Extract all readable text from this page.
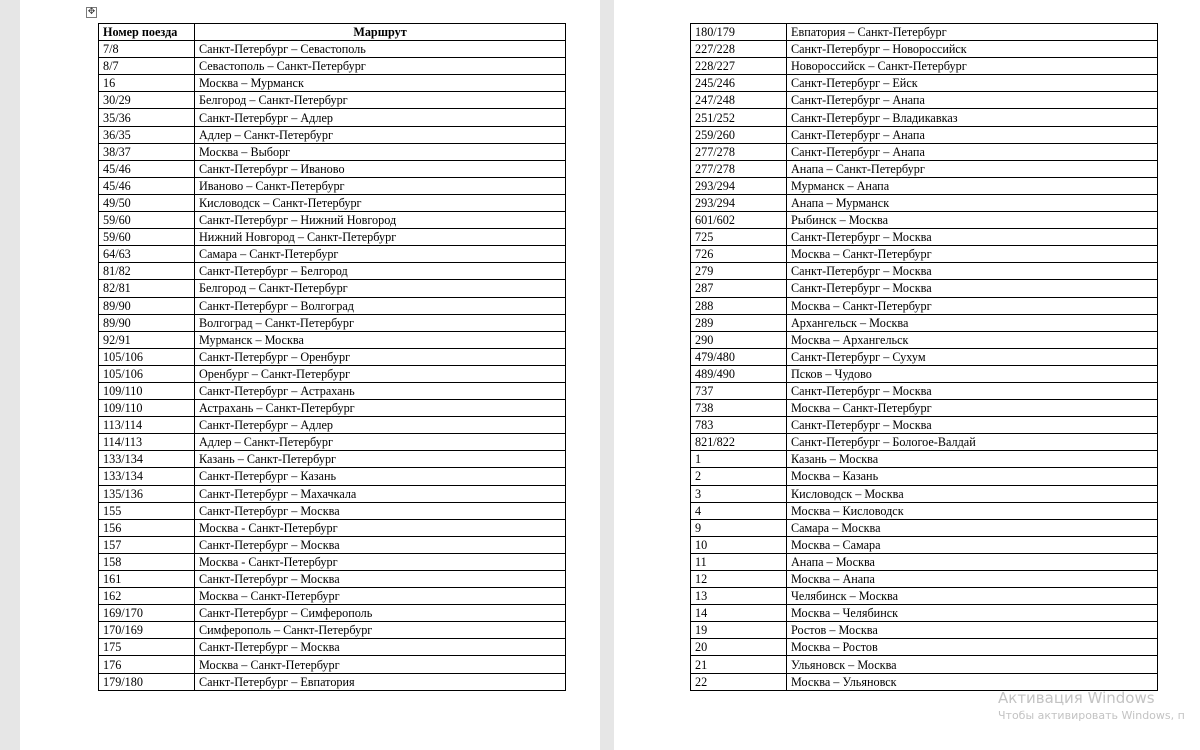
✥
Номер поезда	Маршрут
7/8	Санкт-Петербург – Севастополь
8/7	Севастополь – Санкт-Петербург
16	Москва – Мурманск
30/29	Белгород – Санкт-Петербург
35/36	Санкт-Петербург – Адлер
36/35	Адлер – Санкт-Петербург
38/37	Москва – Выборг
45/46	Санкт-Петербург – Иваново
45/46	Иваново – Санкт-Петербург
49/50	Кисловодск – Санкт-Петербург
59/60	Санкт-Петербург – Нижний Новгород
59/60	Нижний Новгород – Санкт-Петербург
64/63	Самара – Санкт-Петербург
81/82	Санкт-Петербург – Белгород
82/81	Белгород – Санкт-Петербург
89/90	Санкт-Петербург – Волгоград
89/90	Волгоград – Санкт-Петербург
92/91	Мурманск – Москва
105/106	Санкт-Петербург – Оренбург
105/106	Оренбург – Санкт-Петербург
109/110	Санкт-Петербург – Астрахань
109/110	Астрахань – Санкт-Петербург
113/114	Санкт-Петербург – Адлер
114/113	Адлер – Санкт-Петербург
133/134	Казань – Санкт-Петербург
133/134	Санкт-Петербург – Казань
135/136	Санкт-Петербург – Махачкала
155	Санкт-Петербург – Москва
156	Москва - Санкт-Петербург
157	Санкт-Петербург – Москва
158	Москва - Санкт-Петербург
161	Санкт-Петербург – Москва
162	Москва – Санкт-Петербург
169/170	Санкт-Петербург – Симферополь
170/169	Симферополь – Санкт-Петербург
175	Санкт-Петербург – Москва
176	Москва – Санкт-Петербург
179/180	Санкт-Петербург – Евпатория
180/179	Евпатория – Санкт-Петербург
227/228	Санкт-Петербург – Новороссийск
228/227	Новороссийск – Санкт-Петербург
245/246	Санкт-Петербург – Ейск
247/248	Санкт-Петербург – Анапа
251/252	Санкт-Петербург – Владикавказ
259/260	Санкт-Петербург – Анапа
277/278	Санкт-Петербург – Анапа
277/278	Анапа – Санкт-Петербург
293/294	Мурманск – Анапа
293/294	Анапа – Мурманск
601/602	Рыбинск – Москва
725	Санкт-Петербург – Москва
726	Москва – Санкт-Петербург
279	Санкт-Петербург – Москва
287	Санкт-Петербург – Москва
288	Москва – Санкт-Петербург
289	Архангельск – Москва
290	Москва – Архангельск
479/480	Санкт-Петербург – Сухум
489/490	Псков – Чудово
737	Санкт-Петербург – Москва
738	Москва – Санкт-Петербург
783	Санкт-Петербург – Москва
821/822	Санкт-Петербург – Бологое-Валдай
1	Казань – Москва
2	Москва – Казань
3	Кисловодск – Москва
4	Москва – Кисловодск
9	Самара – Москва
10	Москва – Самара
11	Анапа – Москва
12	Москва – Анапа
13	Челябинск – Москва
14	Москва – Челябинск
19	Ростов – Москва
20	Москва – Ростов
21	Ульяновск – Москва
22	Москва – Ульяновск
Активация Windows
Чтобы активировать Windows, п
